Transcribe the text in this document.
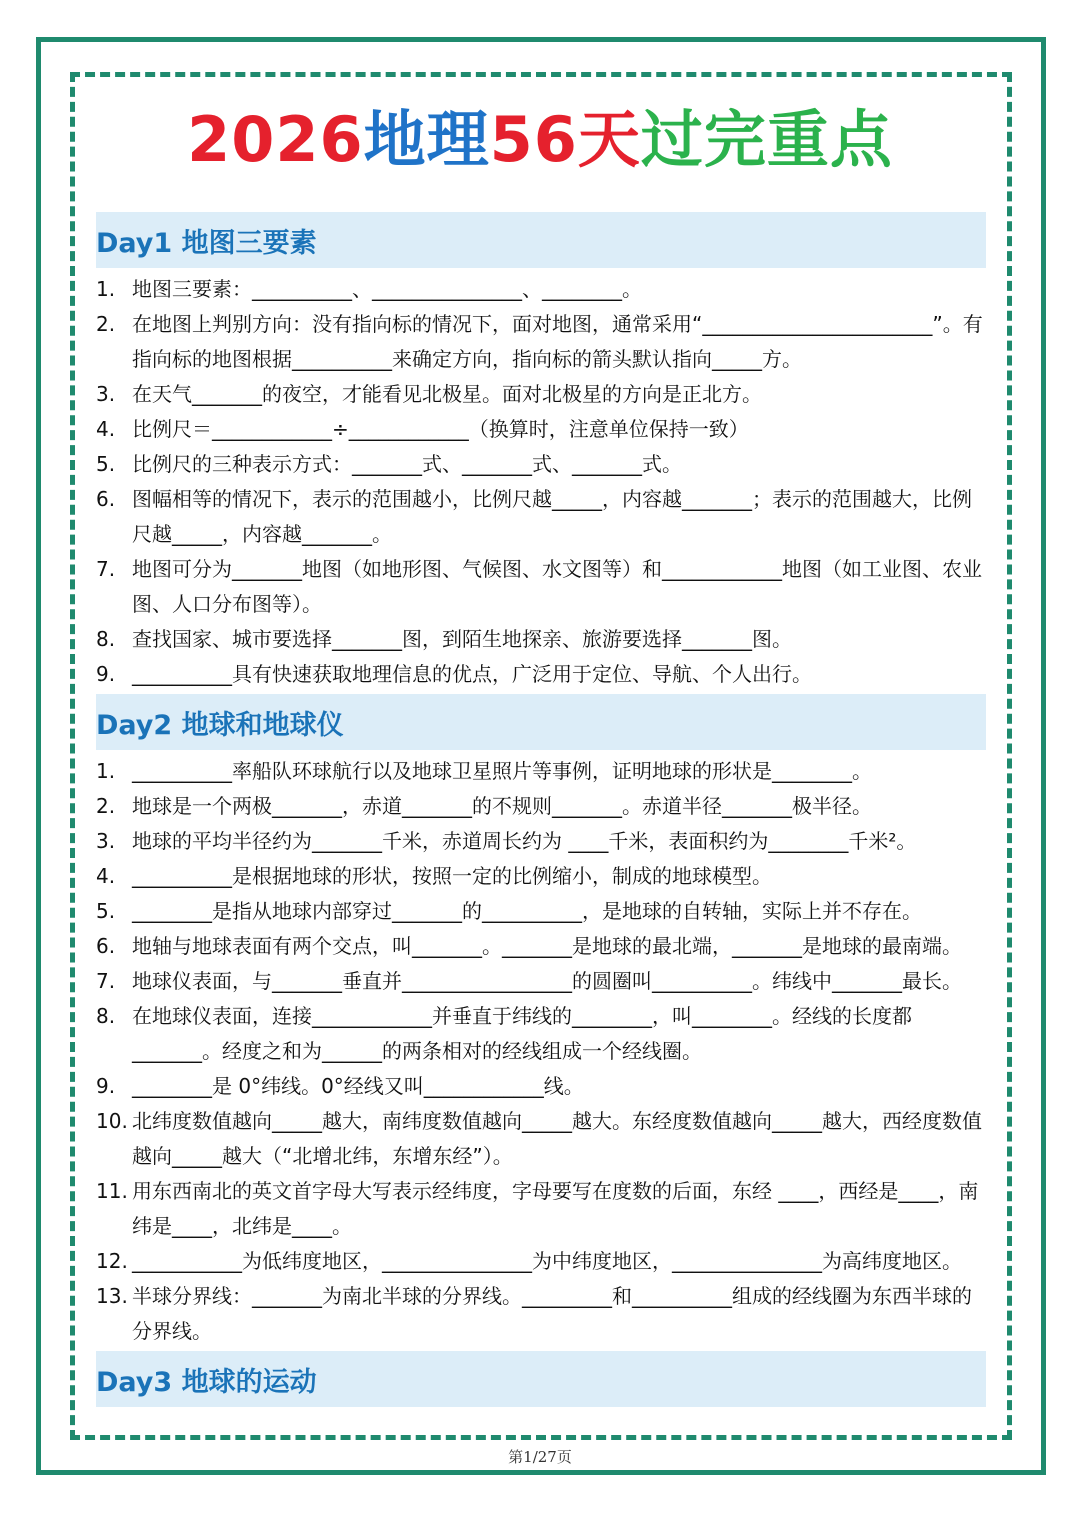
2026地理56天过完重点
Day1 地图三要素
1. 地图三要素：__________、_______________、________。
2. 在地图上判别方向：没有指向标的情况下，面对地图，通常采用“_______________________”。有指向标的地图根据__________来确定方向，指向标的箭头默认指向_____方。
3. 在天气_______的夜空，才能看见北极星。面对北极星的方向是正北方。
4. 比例尺＝____________÷____________（换算时，注意单位保持一致）
5. 比例尺的三种表示方式：_______式、_______式、_______式。
6. 图幅相等的情况下，表示的范围越小，比例尺越_____，内容越_______；表示的范围越大，比例尺越_____，内容越_______。
7. 地图可分为_______地图（如地形图、气候图、水文图等）和____________地图（如工业图、农业图、人口分布图等）。
8. 查找国家、城市要选择_______图，到陌生地探亲、旅游要选择_______图。
9. __________具有快速获取地理信息的优点，广泛用于定位、导航、个人出行。
Day2 地球和地球仪
1. __________率船队环球航行以及地球卫星照片等事例，证明地球的形状是________。
2. 地球是一个两极_______，赤道_______的不规则_______。赤道半径_______极半径。
3. 地球的平均半径约为_______千米，赤道周长约为 ____千米，表面积约为________千米²。
4. __________是根据地球的形状，按照一定的比例缩小，制成的地球模型。
5. ________是指从地球内部穿过_______的__________，是地球的自转轴，实际上并不存在。
6. 地轴与地球表面有两个交点，叫_______。_______是地球的最北端，_______是地球的最南端。
7. 地球仪表面，与_______垂直并_________________的圆圈叫__________。纬线中_______最长。
8. 在地球仪表面，连接____________并垂直于纬线的________，叫________。经线的长度都_______。经度之和为______的两条相对的经线组成一个经线圈。
9. ________是 0°纬线。0°经线又叫____________线。
10. 北纬度数值越向_____越大，南纬度数值越向_____越大。东经度数值越向_____越大，西经度数值越向_____越大（“北增北纬，东增东经”）。
11. 用东西南北的英文首字母大写表示经纬度，字母要写在度数的后面，东经 ____，西经是____，南纬是____，北纬是____。
12. ___________为低纬度地区，_______________为中纬度地区，_______________为高纬度地区。
13. 半球分界线：_______为南北半球的分界线。_________和__________组成的经线圈为东西半球的分界线。
Day3 地球的运动
第1/27页
